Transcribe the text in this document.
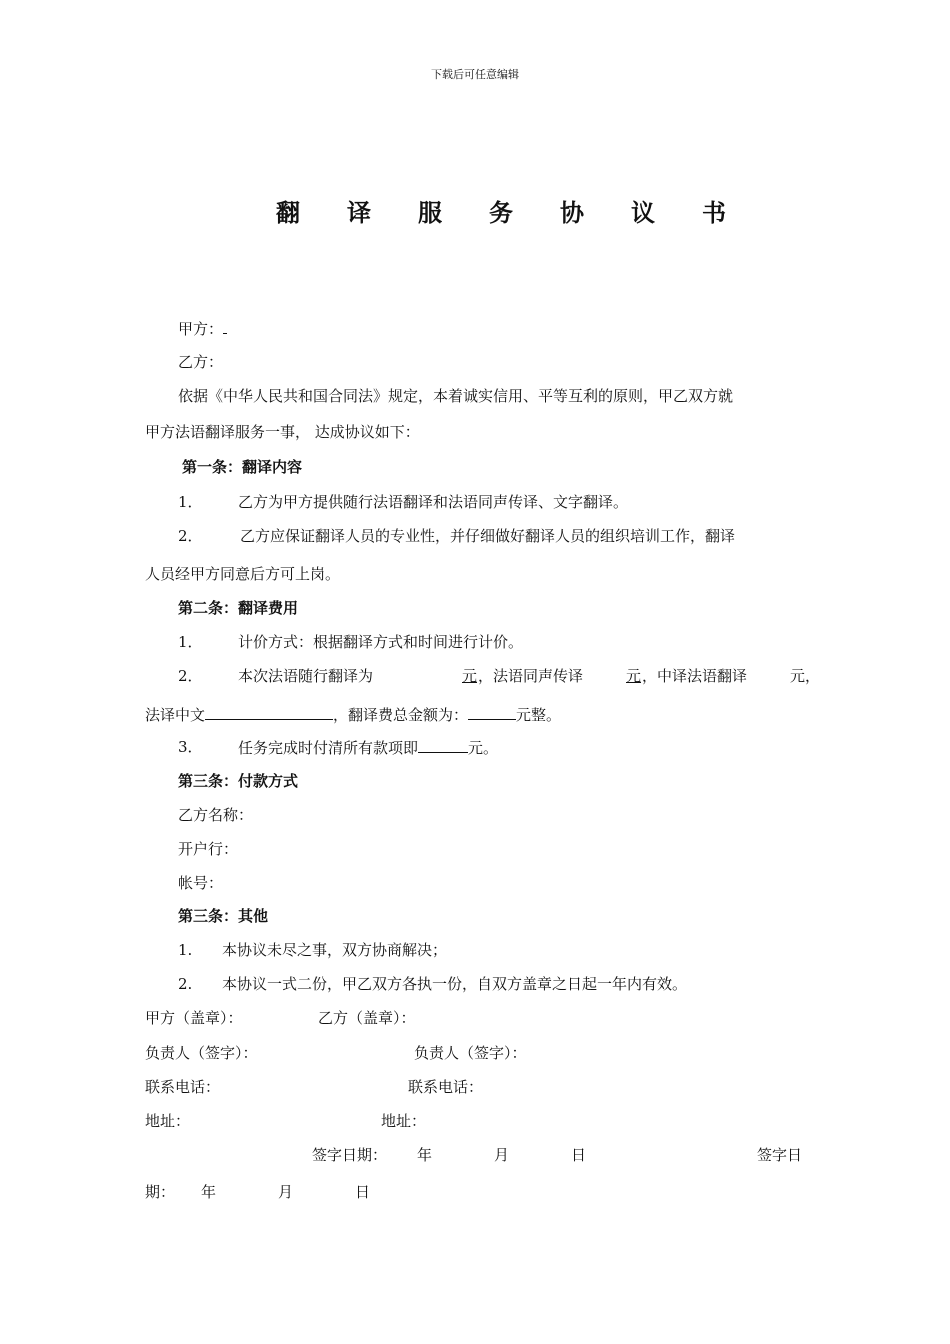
下载后可任意编辑
翻 译 服 务 协 议 书
甲方：
乙方：
依据《中华人民共和国合同法》规定，本着诚实信用、平等互利的原则，甲乙双方就
甲方法语翻译服务一事， 达成协议如下：
第一条：翻译内容
1． 乙方为甲方提供随行法语翻译和法语同声传译、文字翻译。
2． 乙方应保证翻译人员的专业性，并仔细做好翻译人员的组织培训工作，翻译
人员经甲方同意后方可上岗。
第二条：翻译费用
1． 计价方式：根据翻译方式和时间进行计价。
2． 本次法语随行翻译为	元 ，法语同声传译	元 ，中译法语翻译	元，
法译中文	，翻译费总金额为：	元整。
3． 任务完成时付清所有款项即	元。
第三条：付款方式
乙方名称：
开户行：
帐号：
第三条：其他
1. 本协议未尽之事，双方协商解决；
2. 本协议一式二份，甲乙双方各执一份，自双方盖章之日起一年内有效。
甲方（盖章）：	乙方（盖章）：
负责人（签字）：	负责人（签字）：
联系电话：	联系电话：
地址：	地址：
签字日期： 年	月	日	签字日
期： 年	月	日
